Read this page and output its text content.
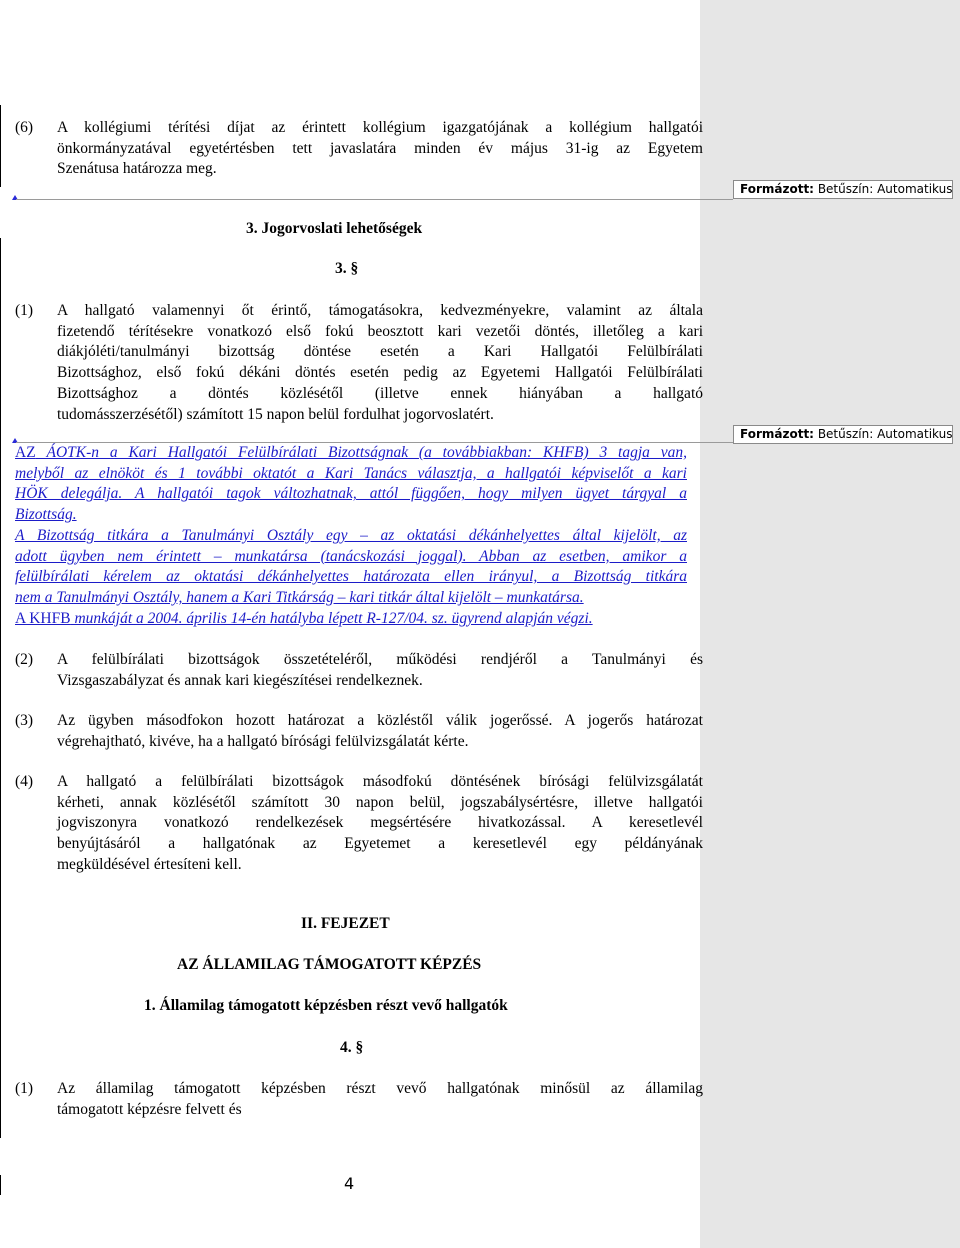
Formázott: Betűszín: Automatikus
Formázott: Betűszín: Automatikus
(6) A kollégiumi térítési díjat az érintett kollégium igazgatójának a kollégium hallgatói
önkormányzatával egyetértésben tett javaslatára minden év május 31-ig az Egyetem
Szenátusa határozza meg.
3. Jogorvoslati lehetőségek
3. §
(1) A hallgató valamennyi őt érintő, támogatásokra, kedvezményekre, valamint az általa
fizetendő térítésekre vonatkozó első fokú beosztott kari vezetői döntés, illetőleg a kari
diákjóléti/tanulmányi bizottság döntése esetén a Kari Hallgatói Felülbírálati
Bizottsághoz, első fokú dékáni döntés esetén pedig az Egyetemi Hallgatói Felülbírálati
Bizottsághoz a döntés közlésétől (illetve ennek hiányában a hallgató
tudomásszerzésétől) számított 15 napon belül fordulhat jogorvoslatért.
AZ ÁOTK-n a Kari Hallgatói Felülbírálati Bizottságnak (a továbbiakban: KHFB) 3 tagja van,
melyből az elnököt és 1 további oktatót a Kari Tanács választja, a hallgatói képviselőt a kari
HÖK delegálja. A hallgatói tagok változhatnak, attól függően, hogy milyen ügyet tárgyal a
Bizottság.
A Bizottság titkára a Tanulmányi Osztály egy – az oktatási dékánhelyettes által kijelölt, az
adott ügyben nem érintett – munkatársa (tanácskozási joggal). Abban az esetben, amikor a
felülbírálati kérelem az oktatási dékánhelyettes határozata ellen irányul, a Bizottság titkára
nem a Tanulmányi Osztály, hanem a Kari Titkárság – kari titkár által kijelölt – munkatársa.
A KHFB munkáját a 2004. április 14-én hatályba lépett R-127/04. sz. ügyrend alapján végzi.
(2) A felülbírálati bizottságok összetételéről, működési rendjéről a Tanulmányi és
Vizsgaszabályzat és annak kari kiegészítései rendelkeznek.
(3) Az ügyben másodfokon hozott határozat a közléstől válik jogerőssé. A jogerős határozat
végrehajtható, kivéve, ha a hallgató bírósági felülvizsgálatát kérte.
(4) A hallgató a felülbírálati bizottságok másodfokú döntésének bírósági felülvizsgálatát
kérheti, annak közlésétől számított 30 napon belül, jogszabálysértésre, illetve hallgatói
jogviszonyra vonatkozó rendelkezések megsértésére hivatkozással. A keresetlevél
benyújtásáról a hallgatónak az Egyetemet a keresetlevél egy példányának
megküldésével értesíteni kell.
II. FEJEZET
AZ ÁLLAMILAG TÁMOGATOTT KÉPZÉS
1. Államilag támogatott képzésben részt vevő hallgatók
4. §
(1) Az államilag támogatott képzésben részt vevő hallgatónak minősül az államilag
támogatott képzésre felvett és
4
